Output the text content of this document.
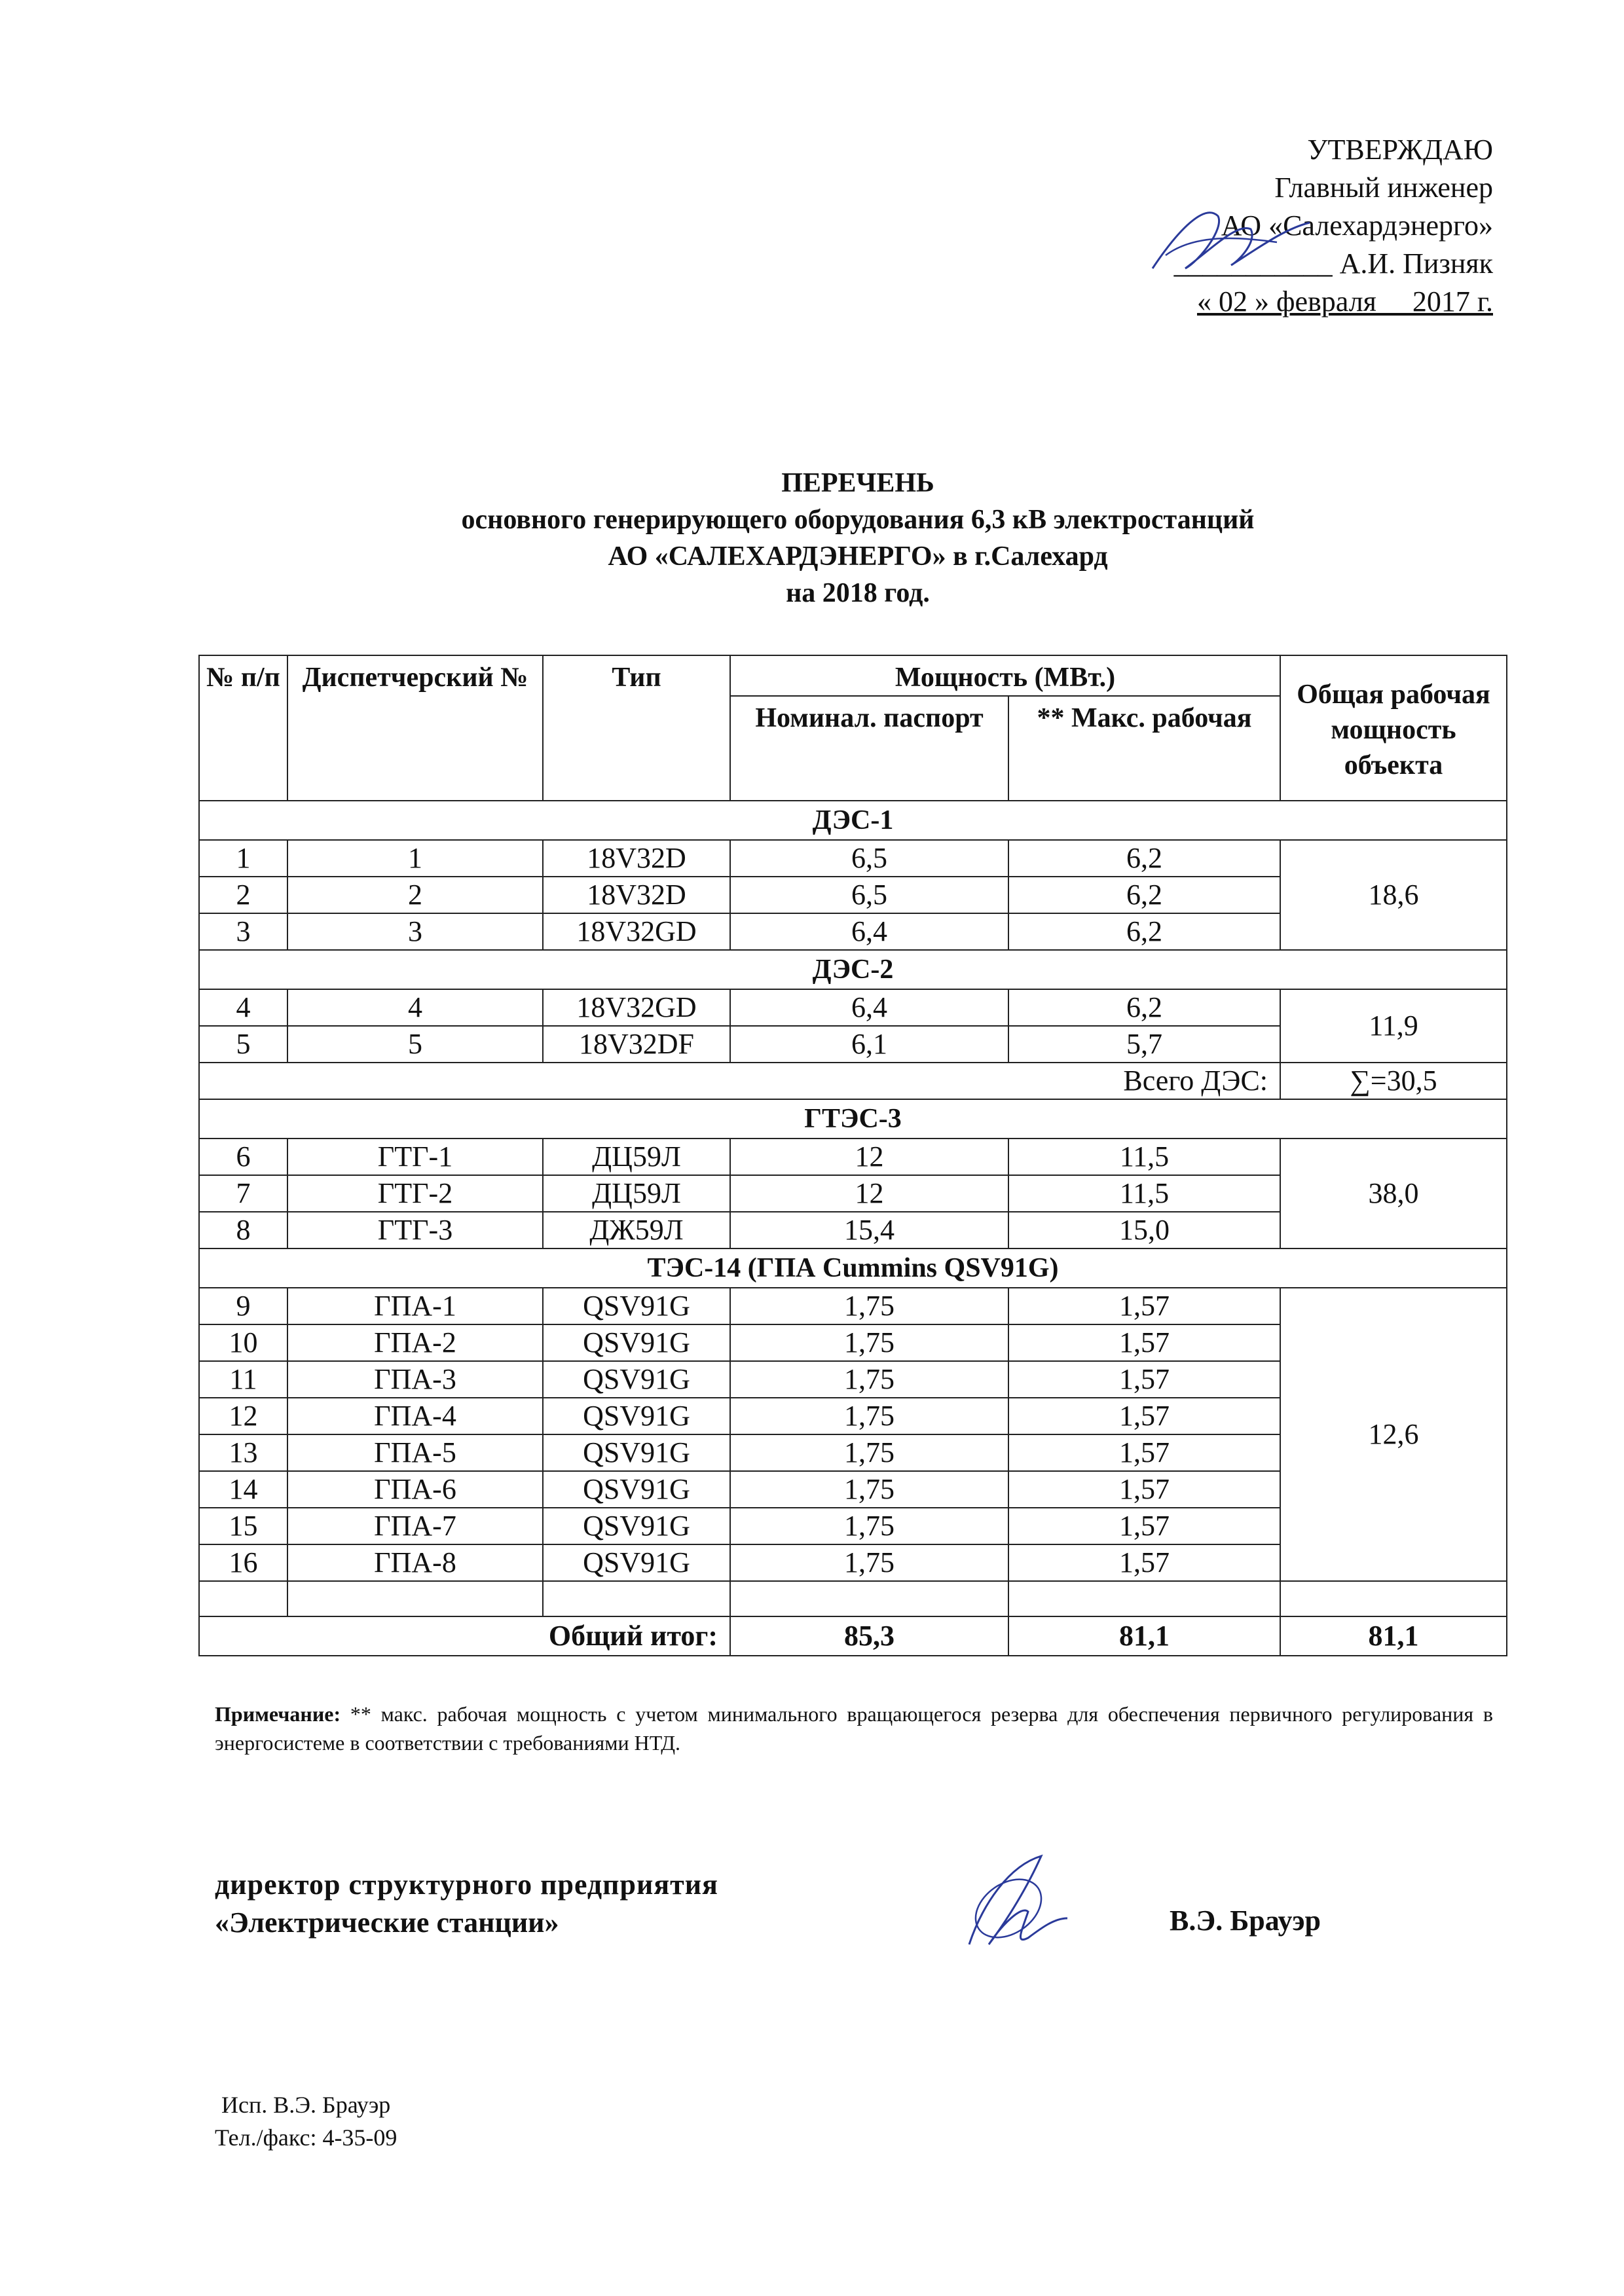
УТВЕРЖДАЮ
Главный инженер
АО «Салехардэнерго»
___________ А.И. Пизняк
« 02 » февраля__ 2017 г.
ПЕРЕЧЕНЬ
основного генерирующего оборудования 6,3 кВ электростанций
АО «САЛЕХАРДЭНЕРГО» в г.Салехард
на 2018 год.
№ п/п	Диспетчерский №	Тип	Мощность (МВт.)		Общая рабочая мощность объекта
			Номинал. паспорт	** Макс. рабочая	
ДЭС-1					
1	1	18V32D	6,5	6,2	18,6
2	2	18V32D	6,5	6,2	
3	3	18V32GD	6,4	6,2	
ДЭС-2					
4	4	18V32GD	6,4	6,2	11,9
5	5	18V32DF	6,1	5,7	
Всего ДЭС:					∑=30,5
ГТЭС-3					
6	ГТГ-1	ДЦ59Л	12	11,5	38,0
7	ГТГ-2	ДЦ59Л	12	11,5	
8	ГТГ-3	ДЖ59Л	15,4	15,0	
ТЭС-14 (ГПА Cummins QSV91G)					
9	ГПА-1	QSV91G	1,75	1,57	12,6
10	ГПА-2	QSV91G	1,75	1,57	
11	ГПА-3	QSV91G	1,75	1,57	
12	ГПА-4	QSV91G	1,75	1,57	
13	ГПА-5	QSV91G	1,75	1,57	
14	ГПА-6	QSV91G	1,75	1,57	
15	ГПА-7	QSV91G	1,75	1,57	
16	ГПА-8	QSV91G	1,75	1,57	

Общий итог:			85,3	81,1	81,1
Примечание: ** макс. рабочая мощность с учетом минимального вращающегося резерва для обеспечения первичного регулирования в энергосистеме в соответствии с требованиями НТД.
директор структурного предприятия
«Электрические станции»	В.Э. Брауэр
Исп. В.Э. Брауэр
Тел./факс: 4-35-09
